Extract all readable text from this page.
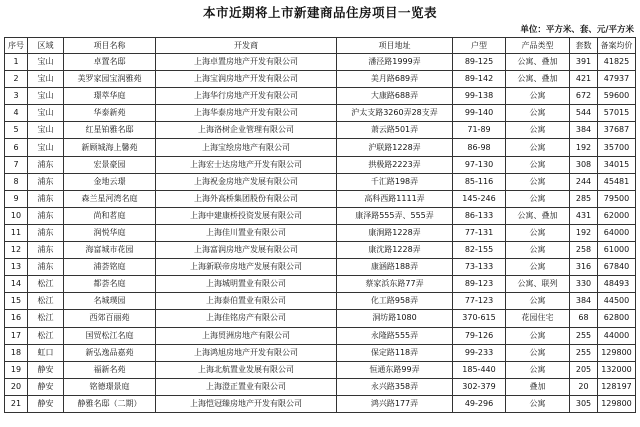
本市近期将上市新建商品住房项目一览表
单位：平方米、套、元/平方米
序号	区域	项目名称	开发商	项目地址	户型	产品类型	套数	备案均价
1	宝山	卓置名邸	上海卓置房地产开发有限公司	潘泾路1999弄	89-125	公寓、叠加	391	41825
2	宝山	美罗家园宝润雅苑	上海宝润房地产开发有限公司	美月路689弄	89-142	公寓、叠加	421	47937
3	宝山	璟萃华庭	上海华行房地产开发有限公司	大康路688弄	99-138	公寓	672	59600
4	宝山	华泰新苑	上海华泰房地产开发有限公司	沪太支路3260弄28支弄	99-140	公寓	544	57015
5	宝山	红星铂雅名邸	上海洛树企业管理有限公司	萧云路501弄	71-89	公寓	384	37687
6	宝山	新顾城海上馨苑	上海宝绘房地产有限公司	沪联路1228弄	86-98	公寓	192	35700
7	浦东	宏景豪园	上海宏士达房地产开发有限公司	拱极路2223弄	97-130	公寓	308	34015
8	浦东	金地云璟	上海祝金房地产发展有限公司	千汇路198弄	85-116	公寓	244	45481
9	浦东	森兰星河湾名庭	上海外高桥集团股份有限公司	高科西路1111弄	145-246	公寓	285	79500
10	浦东	尚和茗庭	上海中建康桥投资发展有限公司	康泽路555弄、555弄	86-133	公寓、叠加	431	62000
11	浦东	润悦华庭	上海佳川置业有限公司	康涧路1228弄	77-131	公寓	192	64000
12	浦东	海富城市花园	上海富润房地产发展有限公司	康沈路1228弄	82-155	公寓	258	61000
13	浦东	浦荟铭庭	上海新联帝房地产发展有限公司	康涵路188弄	73-133	公寓	316	67840
14	松江	都荟名庭	上海城明置业有限公司	蔡家浜东路77弄	89-123	公寓、联列	330	48493
15	松江	名城璞园	上海泰伯置业有限公司	化工路958弄	77-123	公寓	384	44500
16	松江	西郊百丽苑	上海佳铭房产有限公司	洞坊路1080	370-615	花园住宅	68	62800
17	松江	国贸松江名庭	上海贸洲房地产有限公司	永隆路555弄	79-126	公寓	255	44000
18	虹口	新弘逸品嘉苑	上海鸿旭房地产开发有限公司	保定路118弄	99-233	公寓	255	129800
19	静安	福新名苑	上海北航置业发展有限公司	恒通东路99弄	185-440	公寓	205	132000
20	静安	铭德璟景庭	上海澄正置业有限公司	永兴路358弄	302-379	叠加	20	128197
21	静安	静雅名邸（二期）	上海恺冠臻房地产开发有限公司	鸿兴路177弄	49-296	公寓	305	129800
